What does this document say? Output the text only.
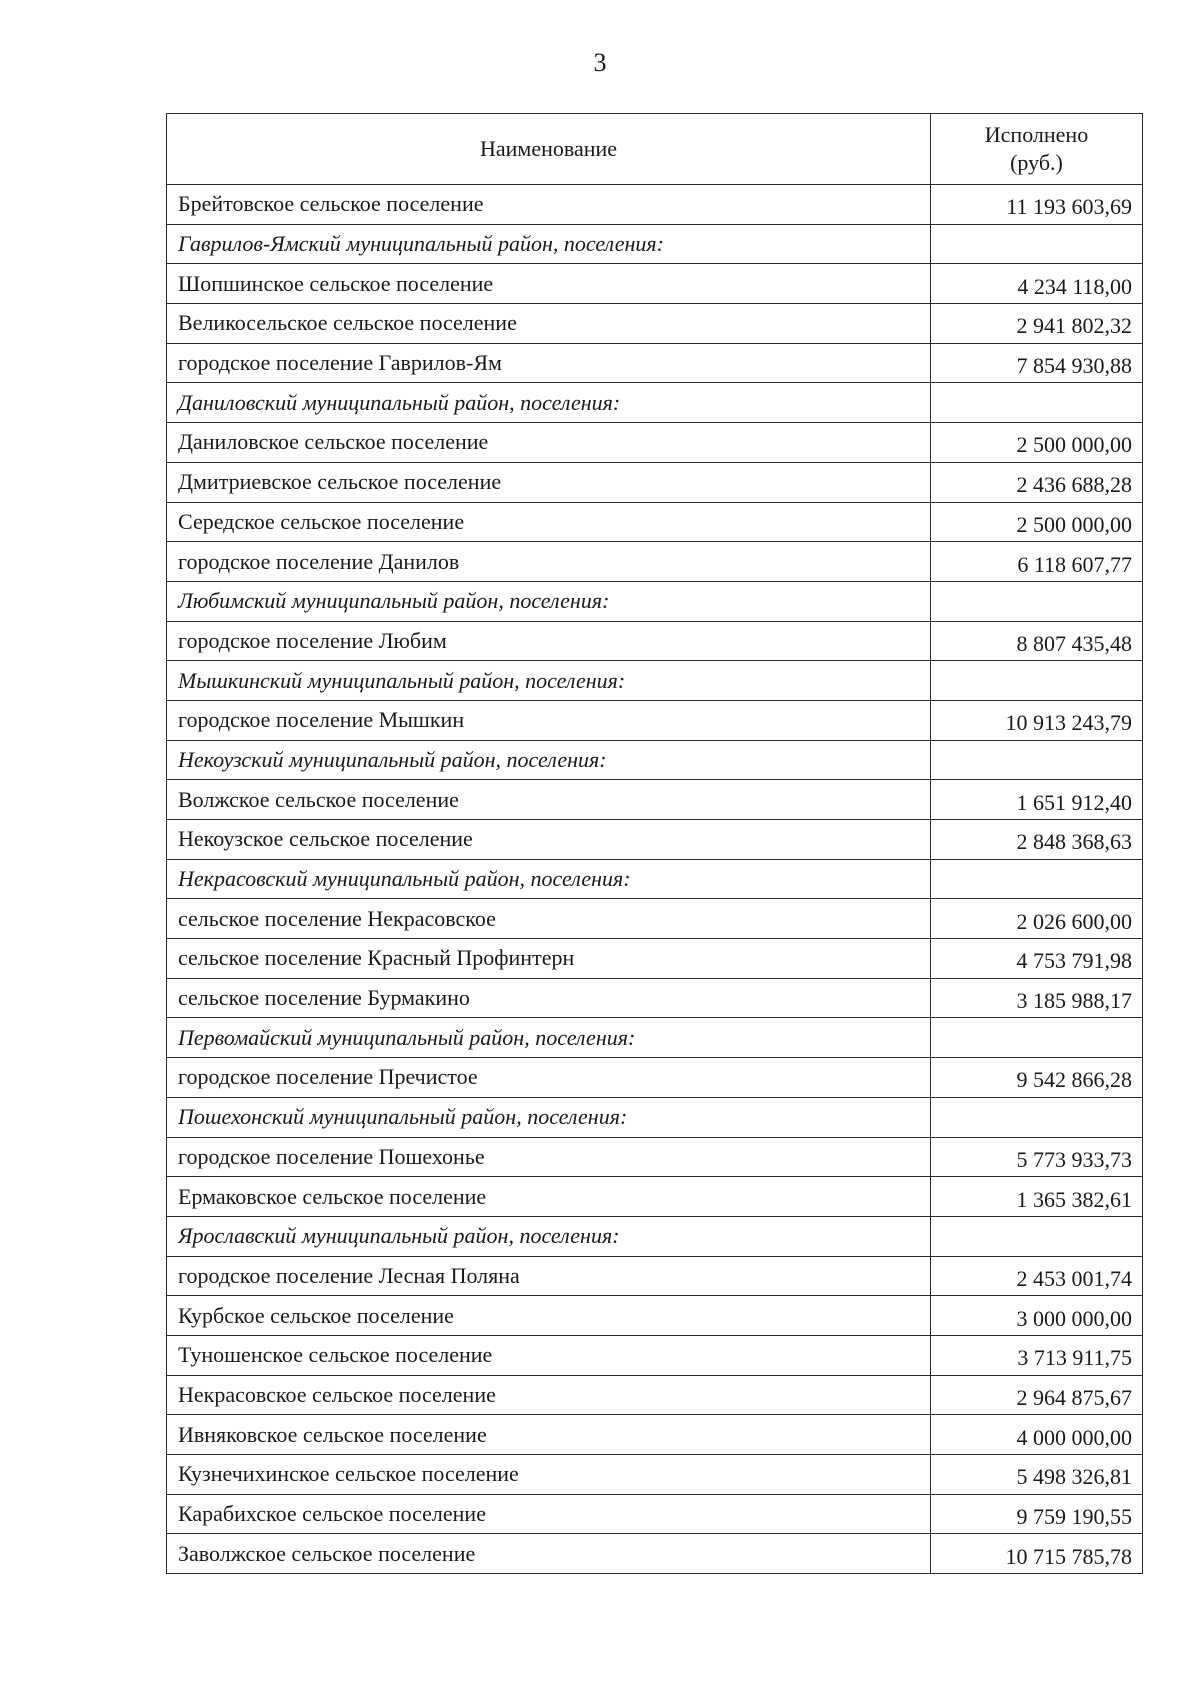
3
Наименование	Исполнено
(руб.)

Брейтовское сельское поселение	11 193 603,69
Гаврилов-Ямский муниципальный район, поселения:	
Шопшинское сельское поселение	4 234 118,00
Великосельское сельское поселение	2 941 802,32
городское поселение Гаврилов-Ям	7 854 930,88
Даниловский муниципальный район, поселения:	
Даниловское сельское поселение	2 500 000,00
Дмитриевское сельское поселение	2 436 688,28
Середское сельское поселение	2 500 000,00
городское поселение Данилов	6 118 607,77
Любимский муниципальный район, поселения:	
городское поселение Любим	8 807 435,48
Мышкинский муниципальный район, поселения:	
городское поселение Мышкин	10 913 243,79
Некоузский муниципальный район, поселения:	
Волжское сельское поселение	1 651 912,40
Некоузское сельское поселение	2 848 368,63
Некрасовский муниципальный район, поселения:	
сельское поселение Некрасовское	2 026 600,00
сельское поселение Красный Профинтерн	4 753 791,98
сельское поселение Бурмакино	3 185 988,17
Первомайский муниципальный район, поселения:	
городское поселение Пречистое	9 542 866,28
Пошехонский муниципальный район, поселения:	
городское поселение Пошехонье	5 773 933,73
Ермаковское сельское поселение	1 365 382,61
Ярославский муниципальный район, поселения:	
городское поселение Лесная Поляна	2 453 001,74
Курбское сельское поселение	3 000 000,00
Туношенское сельское поселение	3 713 911,75
Некрасовское сельское поселение	2 964 875,67
Ивняковское сельское поселение	4 000 000,00
Кузнечихинское сельское поселение	5 498 326,81
Карабихское сельское поселение	9 759 190,55
Заволжское сельское поселение	10 715 785,78
